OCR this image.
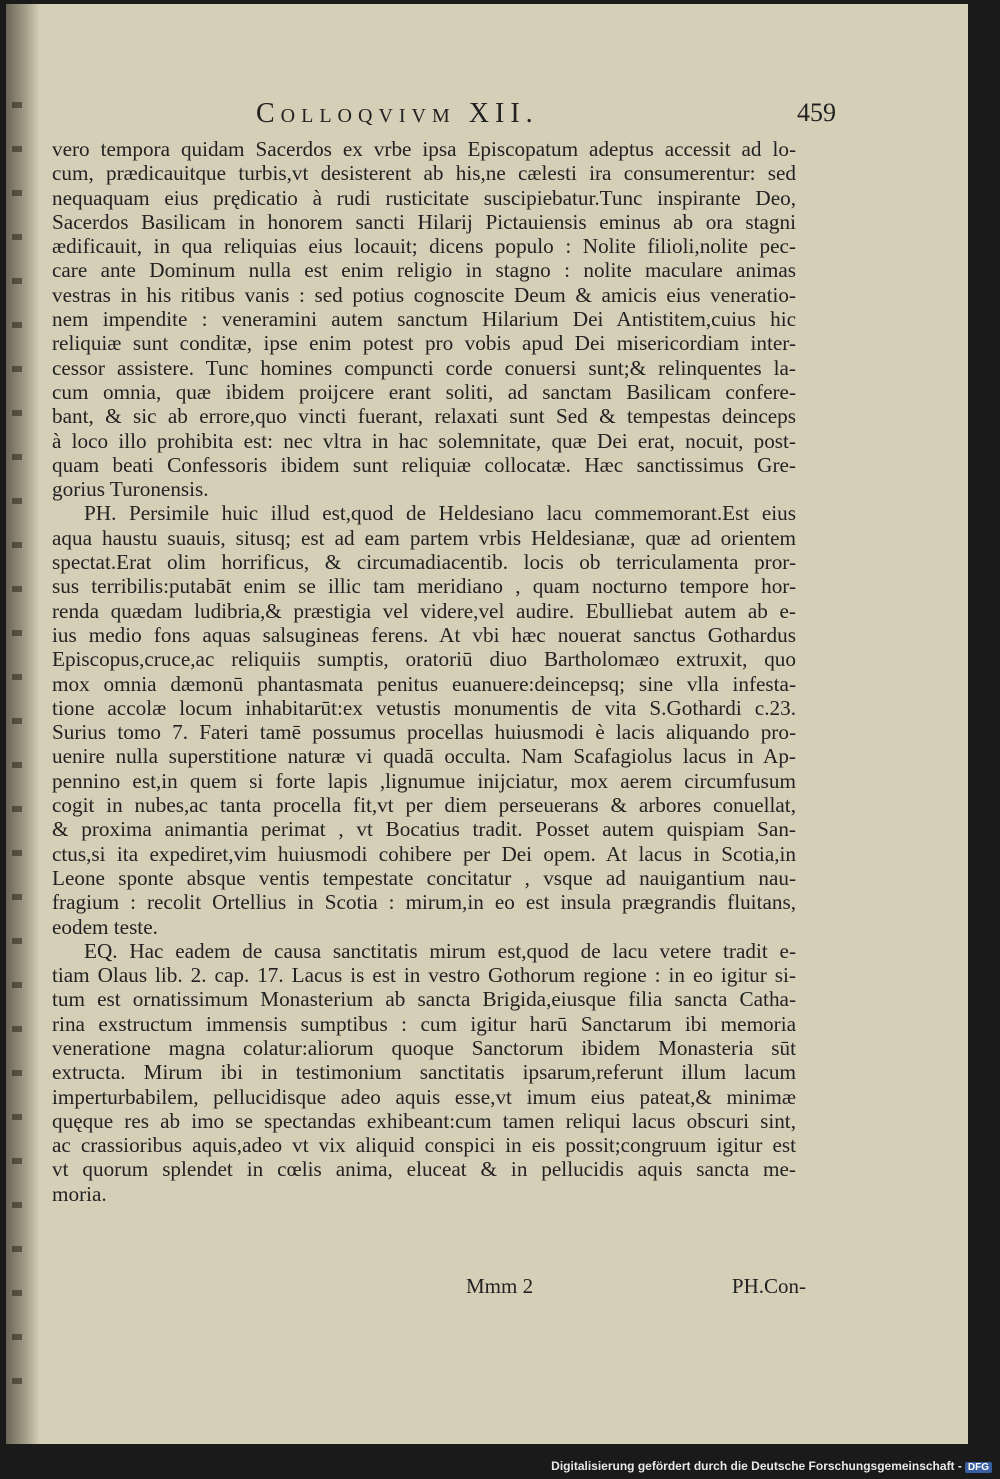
Colloqvivm XII.	459
vero tempora quidam Sacerdos ex vrbe ipsa Episcopatum adeptus accessit ad lo-
cum, prædicauitque turbis,vt desisterent ab his,ne cælesti ira consumerentur: sed
nequaquam eius prędicatio à rudi rusticitate suscipiebatur.Tunc inspirante Deo,
Sacerdos Basilicam in honorem sancti Hilarij Pictauiensis eminus ab ora stagni
ædificauit, in qua reliquias eius locauit; dicens populo : Nolite filioli,nolite pec-
care ante Dominum nulla est enim religio in stagno : nolite maculare animas
vestras in his ritibus vanis : sed potius cognoscite Deum & amicis eius veneratio-
nem impendite : veneramini autem sanctum Hilarium Dei Antistitem,cuius hic
reliquiæ sunt conditæ, ipse enim potest pro vobis apud Dei misericordiam inter-
cessor assistere. Tunc homines compuncti corde conuersi sunt;& relinquentes la-
cum omnia, quæ ibidem proijcere erant soliti, ad sanctam Basilicam confere-
bant, & sic ab errore,quo vincti fuerant, relaxati sunt Sed & tempestas deinceps
à loco illo prohibita est: nec vltra in hac solemnitate, quæ Dei erat, nocuit, post-
quam beati Confessoris ibidem sunt reliquiæ collocatæ. Hæc sanctissimus Gre-
gorius Turonensis.
PH. Persimile huic illud est,quod de Heldesiano lacu commemorant.Est eius
aqua haustu suauis, situsq; est ad eam partem vrbis Heldesianæ, quæ ad orientem
spectat.Erat olim horrificus, & circumadiacentib. locis ob terriculamenta pror-
sus terribilis:putabāt enim se illic tam meridiano , quam nocturno tempore hor-
renda quædam ludibria,& præstigia vel videre,vel audire. Ebulliebat autem ab e-
ius medio fons aquas salsugineas ferens. At vbi hæc nouerat sanctus Gothardus
Episcopus,cruce,ac reliquiis sumptis, oratoriū diuo Bartholomæo extruxit, quo
mox omnia dæmonū phantasmata penitus euanuere:deincepsq; sine vlla infesta-
tione accolæ locum inhabitarūt:ex vetustis monumentis de vita S.Gothardi c.23.
Surius tomo 7. Fateri tamē possumus procellas huiusmodi è lacis aliquando pro-
uenire nulla superstitione naturæ vi quadā occulta. Nam Scafagiolus lacus in Ap-
pennino est,in quem si forte lapis ,lignumue inijciatur, mox aerem circumfusum
cogit in nubes,ac tanta procella fit,vt per diem perseuerans & arbores conuellat,
& proxima animantia perimat , vt Bocatius tradit. Posset autem quispiam San-
ctus,si ita expediret,vim huiusmodi cohibere per Dei opem. At lacus in Scotia,in
Leone sponte absque ventis tempestate concitatur , vsque ad nauigantium nau-
fragium : recolit Ortellius in Scotia : mirum,in eo est insula prægrandis fluitans,
eodem teste.
EQ. Hac eadem de causa sanctitatis mirum est,quod de lacu vetere tradit e-
tiam Olaus lib. 2. cap. 17. Lacus is est in vestro Gothorum regione : in eo igitur si-
tum est ornatissimum Monasterium ab sancta Brigida,eiusque filia sancta Catha-
rina exstructum immensis sumptibus : cum igitur harū Sanctarum ibi memoria
veneratione magna colatur:aliorum quoque Sanctorum ibidem Monasteria sūt
extructa. Mirum ibi in testimonium sanctitatis ipsarum,referunt illum lacum
imperturbabilem, pellucidisque adeo aquis esse,vt imum eius pateat,& minimæ
quęque res ab imo se spectandas exhibeant:cum tamen reliqui lacus obscuri sint,
ac crassioribus aquis,adeo vt vix aliquid conspici in eis possit;congruum igitur est
vt quorum splendet in cœlis anima, eluceat & in pellucidis aquis sancta me-
moria.
Mmm 2	PH.Con-
Digitalisierung gefördert durch die Deutsche Forschungsgemeinschaft - DFG
